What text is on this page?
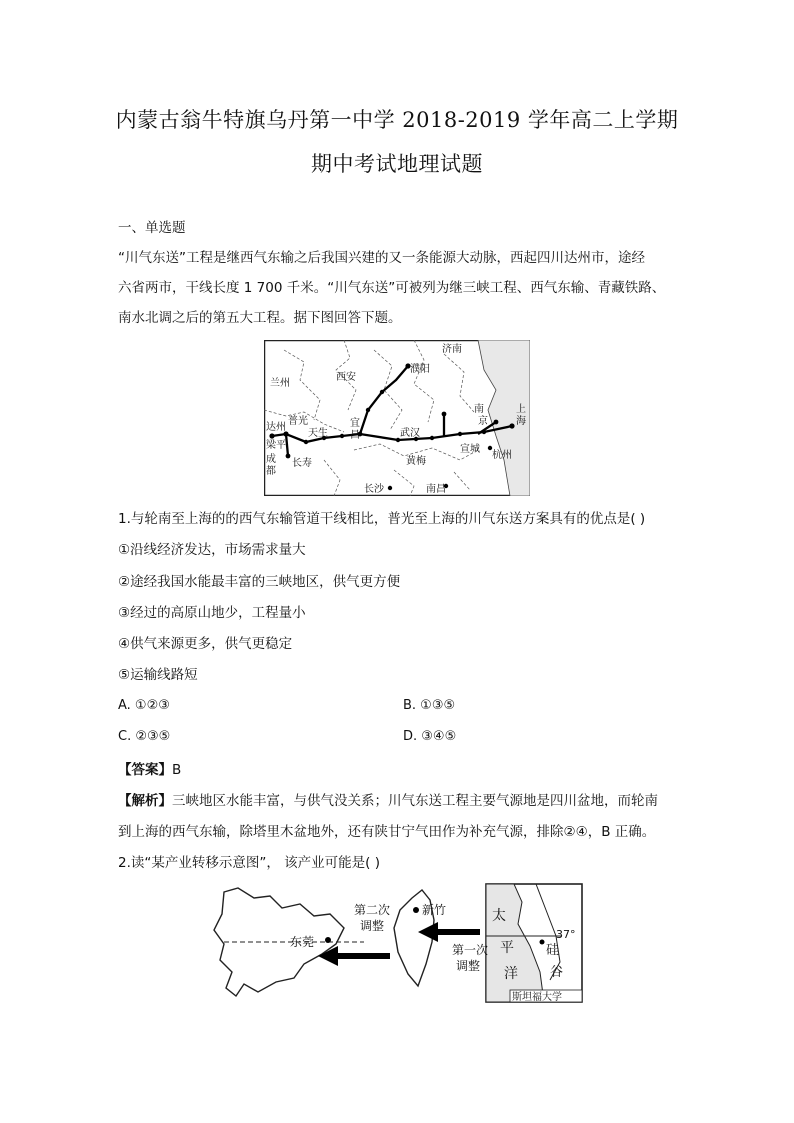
内蒙古翁牛特旗乌丹第一中学 2018-2019 学年高二上学期
期中考试地理试题
一、单选题
“川气东送”工程是继西气东输之后我国兴建的又一条能源大动脉，西起四川达州市，途经
六省两市，干线长度 1 700 千米。“川气东送”可被列为继三峡工程、西气东输、青藏铁路、
南水北调之后的第五大工程。据下图回答下题。
济南
兰州
西安
濮阳
南
京
上
海
达州
普光
天生
宜
昌	武汉
梁平
成
都
长寿	黄梅
宣城
杭州
长沙	南昌
1.与轮南至上海的的西气东输管道干线相比，普光至上海的川气东送方案具有的优点是( )
①沿线经济发达，市场需求量大
②途经我国水能最丰富的三峡地区，供气更方便
③经过的高原山地少，工程量小
④供气来源更多，供气更稳定
⑤运输线路短
A. ①②③	B. ①③⑤
C. ②③⑤	D. ③④⑤
【答案】B
【解析】三峡地区水能丰富，与供气没关系；川气东送工程主要气源地是四川盆地，而轮南
到上海的西气东输，除塔里木盆地外，还有陕甘宁气田作为补充气源，排除②④，B 正确。
2.读“某产业转移示意图”， 该产业可能是( )
第二次
调整
第一次
调整
新竹
东莞
太
平
洋
硅
谷
37°
斯坦福大学
